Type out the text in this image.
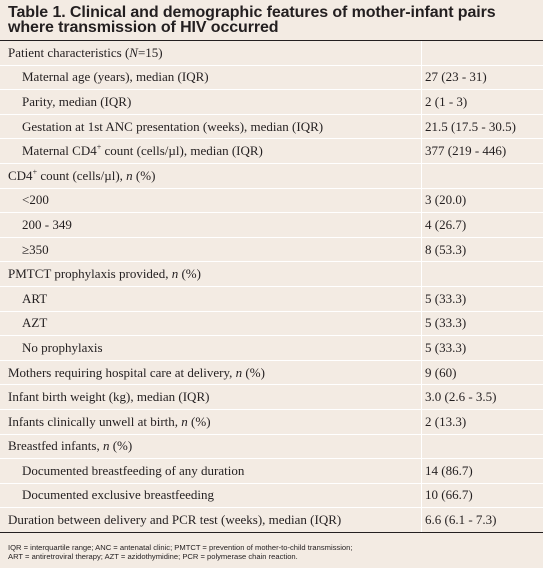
Table 1. Clinical and demographic features of mother-infant pairs
where transmission of HIV occurred
Patient characteristics (N=15)	
Maternal age (years), median (IQR)	27 (23 - 31)
Parity, median (IQR)	2 (1 - 3)
Gestation at 1st ANC presentation (weeks), median (IQR)	21.5 (17.5 - 30.5)
Maternal CD4+ count (cells/µl), median (IQR)	377 (219 - 446)
CD4+ count (cells/µl), n (%)	
<200	3 (20.0)
200 - 349	4 (26.7)
≥350	8 (53.3)
PMTCT prophylaxis provided, n (%)	
ART	5 (33.3)
AZT	5 (33.3)
No prophylaxis	5 (33.3)
Mothers requiring hospital care at delivery, n (%)	9 (60)
Infant birth weight (kg), median (IQR)	3.0 (2.6 - 3.5)
Infants clinically unwell at birth, n (%)	2 (13.3)
Breastfed infants, n (%)	
Documented breastfeeding of any duration	14 (86.7)
Documented exclusive breastfeeding	10 (66.7)
Duration between delivery and PCR test (weeks), median (IQR)	6.6 (6.1 - 7.3)
IQR = interquartile range; ANC = antenatal clinic; PMTCT = prevention of mother-to-child transmission;
ART = antiretroviral therapy; AZT = azidothymidine; PCR = polymerase chain reaction.
